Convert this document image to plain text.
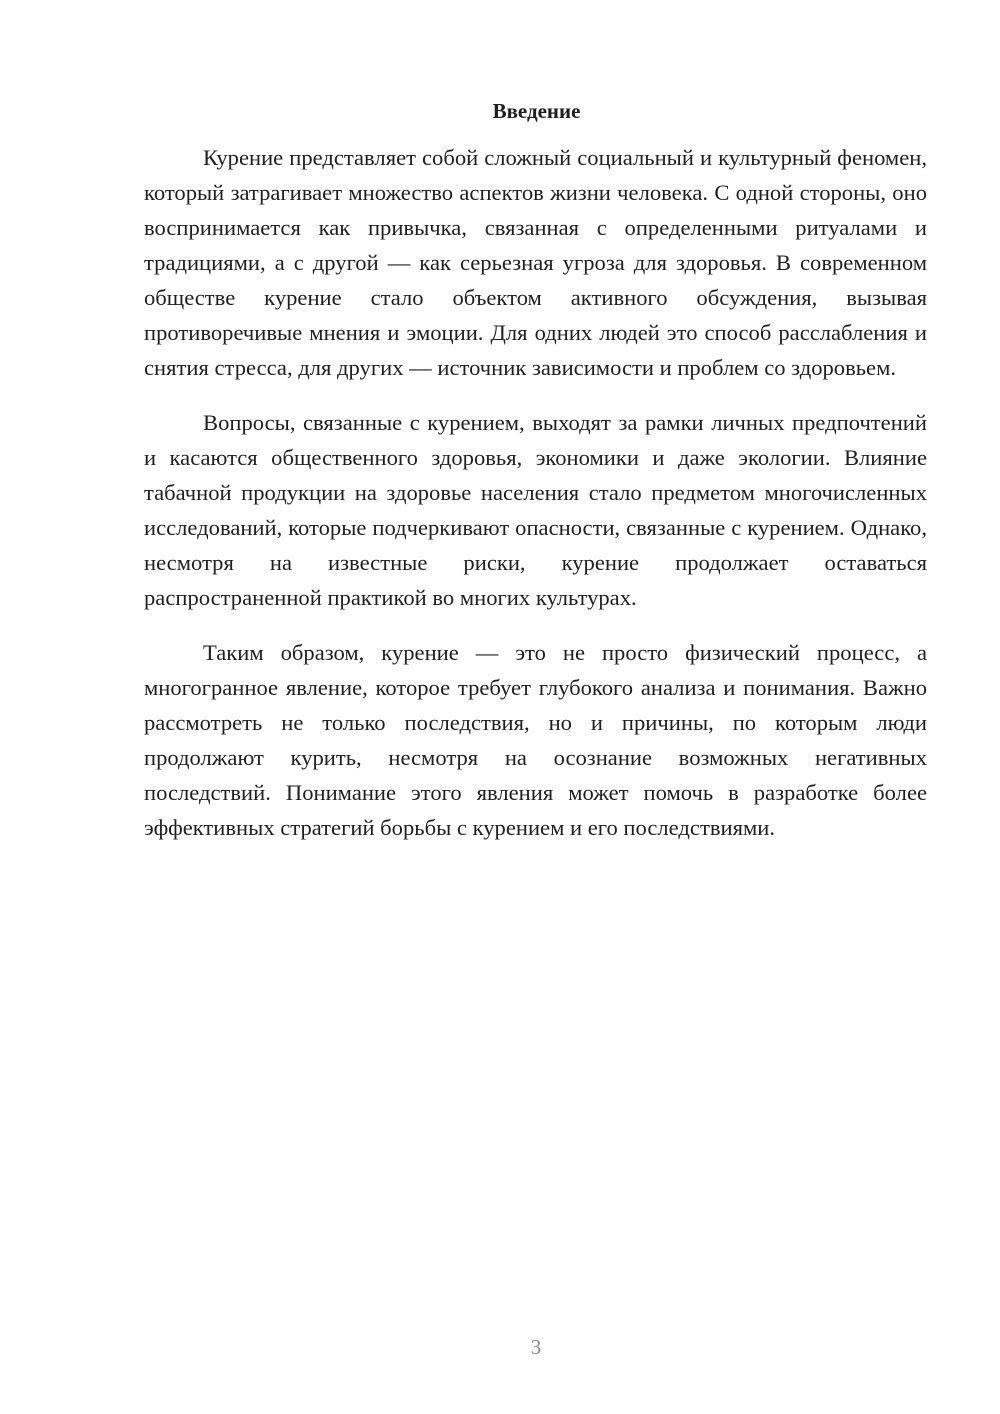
Введение

Курение представляет собой сложный социальный и культурный феномен, который затрагивает множество аспектов жизни человека. С одной стороны, оно воспринимается как привычка, связанная с определенными ритуалами и традициями, а с другой — как серьезная угроза для здоровья. В современном обществе курение стало объектом активного обсуждения, вызывая противоречивые мнения и эмоции. Для одних людей это способ расслабления и снятия стресса, для других — источник зависимости и проблем со здоровьем.

Вопросы, связанные с курением, выходят за рамки личных предпочтений и касаются общественного здоровья, экономики и даже экологии. Влияние табачной продукции на здоровье населения стало предметом многочисленных исследований, которые подчеркивают опасности, связанные с курением. Однако, несмотря на известные риски, курение продолжает оставаться распространенной практикой во многих культурах.

Таким образом, курение — это не просто физический процесс, а многогранное явление, которое требует глубокого анализа и понимания. Важно рассмотреть не только последствия, но и причины, по которым люди продолжают курить, несмотря на осознание возможных негативных последствий. Понимание этого явления может помочь в разработке более эффективных стратегий борьбы с курением и его последствиями.

3
